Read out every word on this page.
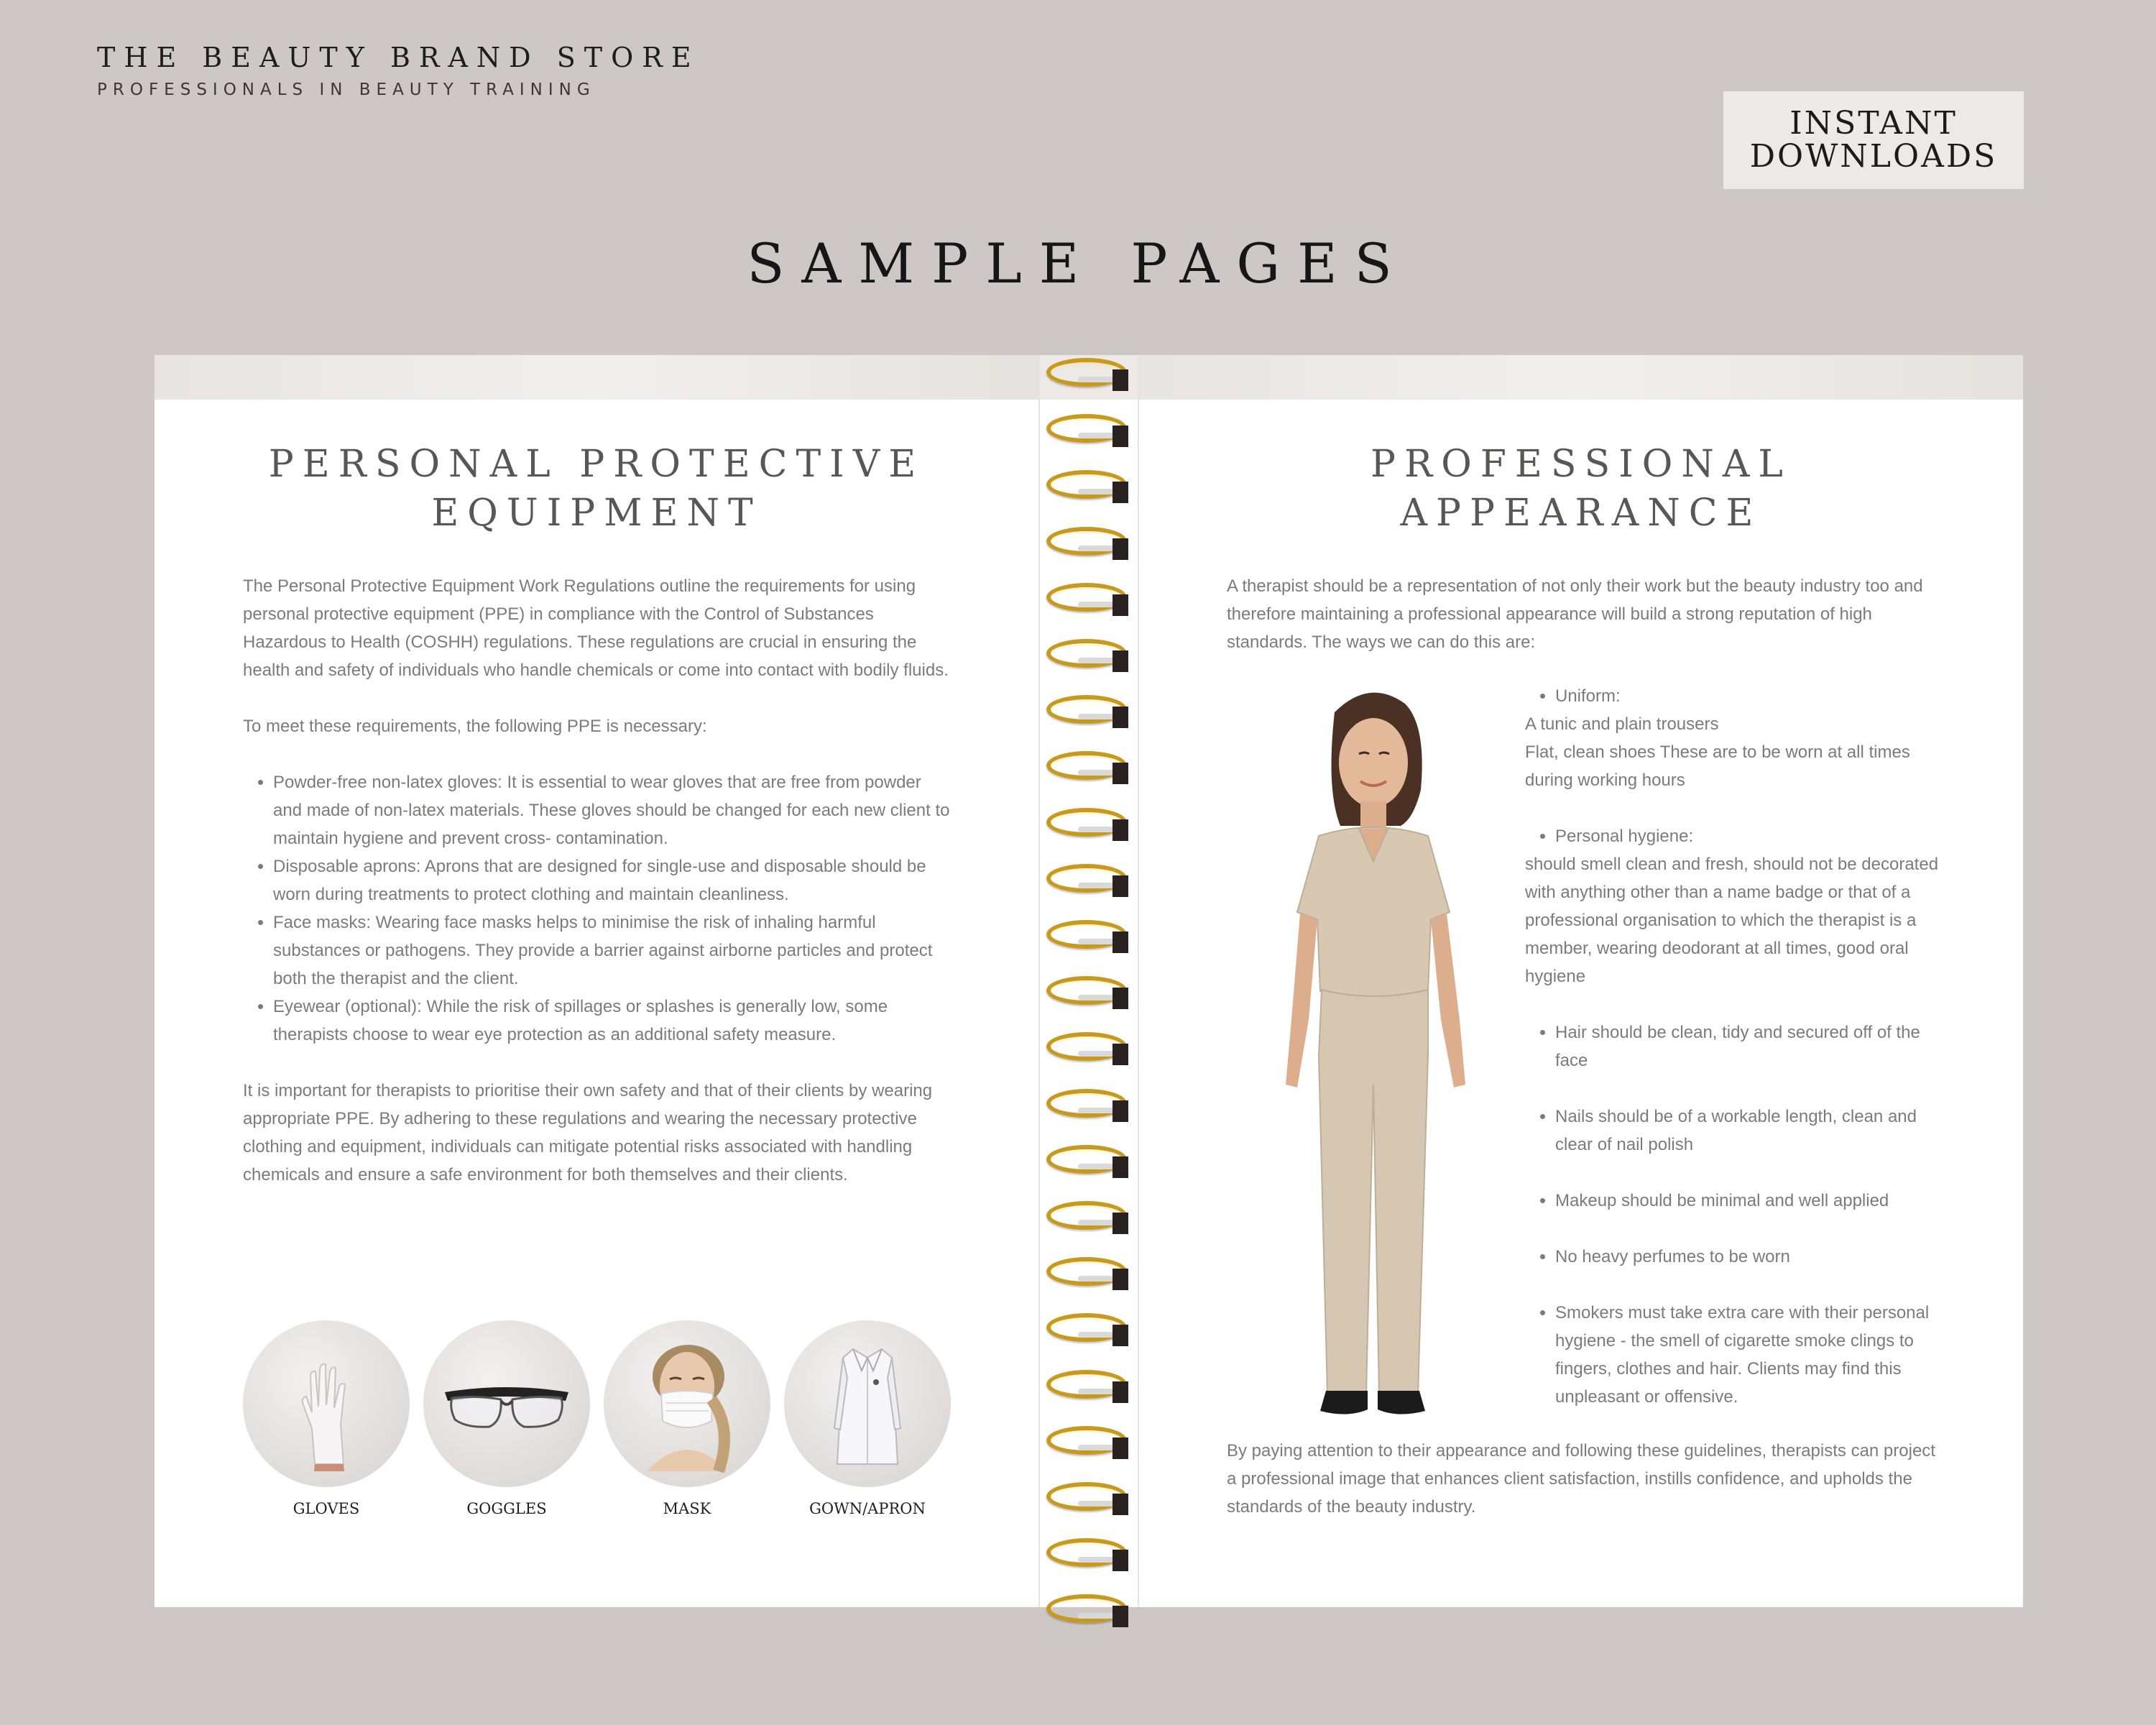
THE BEAUTY BRAND STORE
PROFESSIONALS IN BEAUTY TRAINING
INSTANT
DOWNLOADS
SAMPLE PAGES

PERSONAL PROTECTIVE

EQUIPMENT

The Personal Protective Equipment Work Regulations outline the requirements for using personal protective equipment (PPE) in compliance with the Control of Substances Hazardous to Health (COSHH) regulations. These regulations are crucial in ensuring the health and safety of individuals who handle chemicals or come into contact with bodily fluids.

To meet these requirements, the following PPE is necessary:

• Powder-free non-latex gloves: It is essential to wear gloves that are free from powder and made of non-latex materials. These gloves should be changed for each new client to maintain hygiene and prevent cross- contamination.
• Disposable aprons: Aprons that are designed for single-use and disposable should be worn during treatments to protect clothing and maintain cleanliness.
• Face masks: Wearing face masks helps to minimise the risk of inhaling harmful substances or pathogens. They provide a barrier against airborne particles and protect both the therapist and the client.
• Eyewear (optional): While the risk of spillages or splashes is generally low, some therapists choose to wear eye protection as an additional safety measure.

It is important for therapists to prioritise their own safety and that of their clients by wearing appropriate PPE. By adhering to these regulations and wearing the necessary protective clothing and equipment, individuals can mitigate potential risks associated with handling chemicals and ensure a safe environment for both themselves and their clients.

GLOVES	GOGGLES	MASK	GOWN/APRON

PROFESSIONAL

APPEARANCE

A therapist should be a representation of not only their work but the beauty industry too and therefore maintaining a professional appearance will build a strong reputation of high standards. The ways we can do this are:

• Uniform:

A tunic and plain trousers

Flat, clean shoes These are to be worn at all times during working hours

• Personal hygiene:

should smell clean and fresh, should not be decorated with anything other than a name badge or that of a professional organisation to which the therapist is a member, wearing deodorant at all times, good oral hygiene

• Hair should be clean, tidy and secured off of the face
• Nails should be of a workable length, clean and clear of nail polish
• Makeup should be minimal and well applied
• No heavy perfumes to be worn
• Smokers must take extra care with their personal hygiene - the smell of cigarette smoke clings to fingers, clothes and hair. Clients may find this unpleasant or offensive.

By paying attention to their appearance and following these guidelines, therapists can project a professional image that enhances client satisfaction, instills confidence, and upholds the standards of the beauty industry.
